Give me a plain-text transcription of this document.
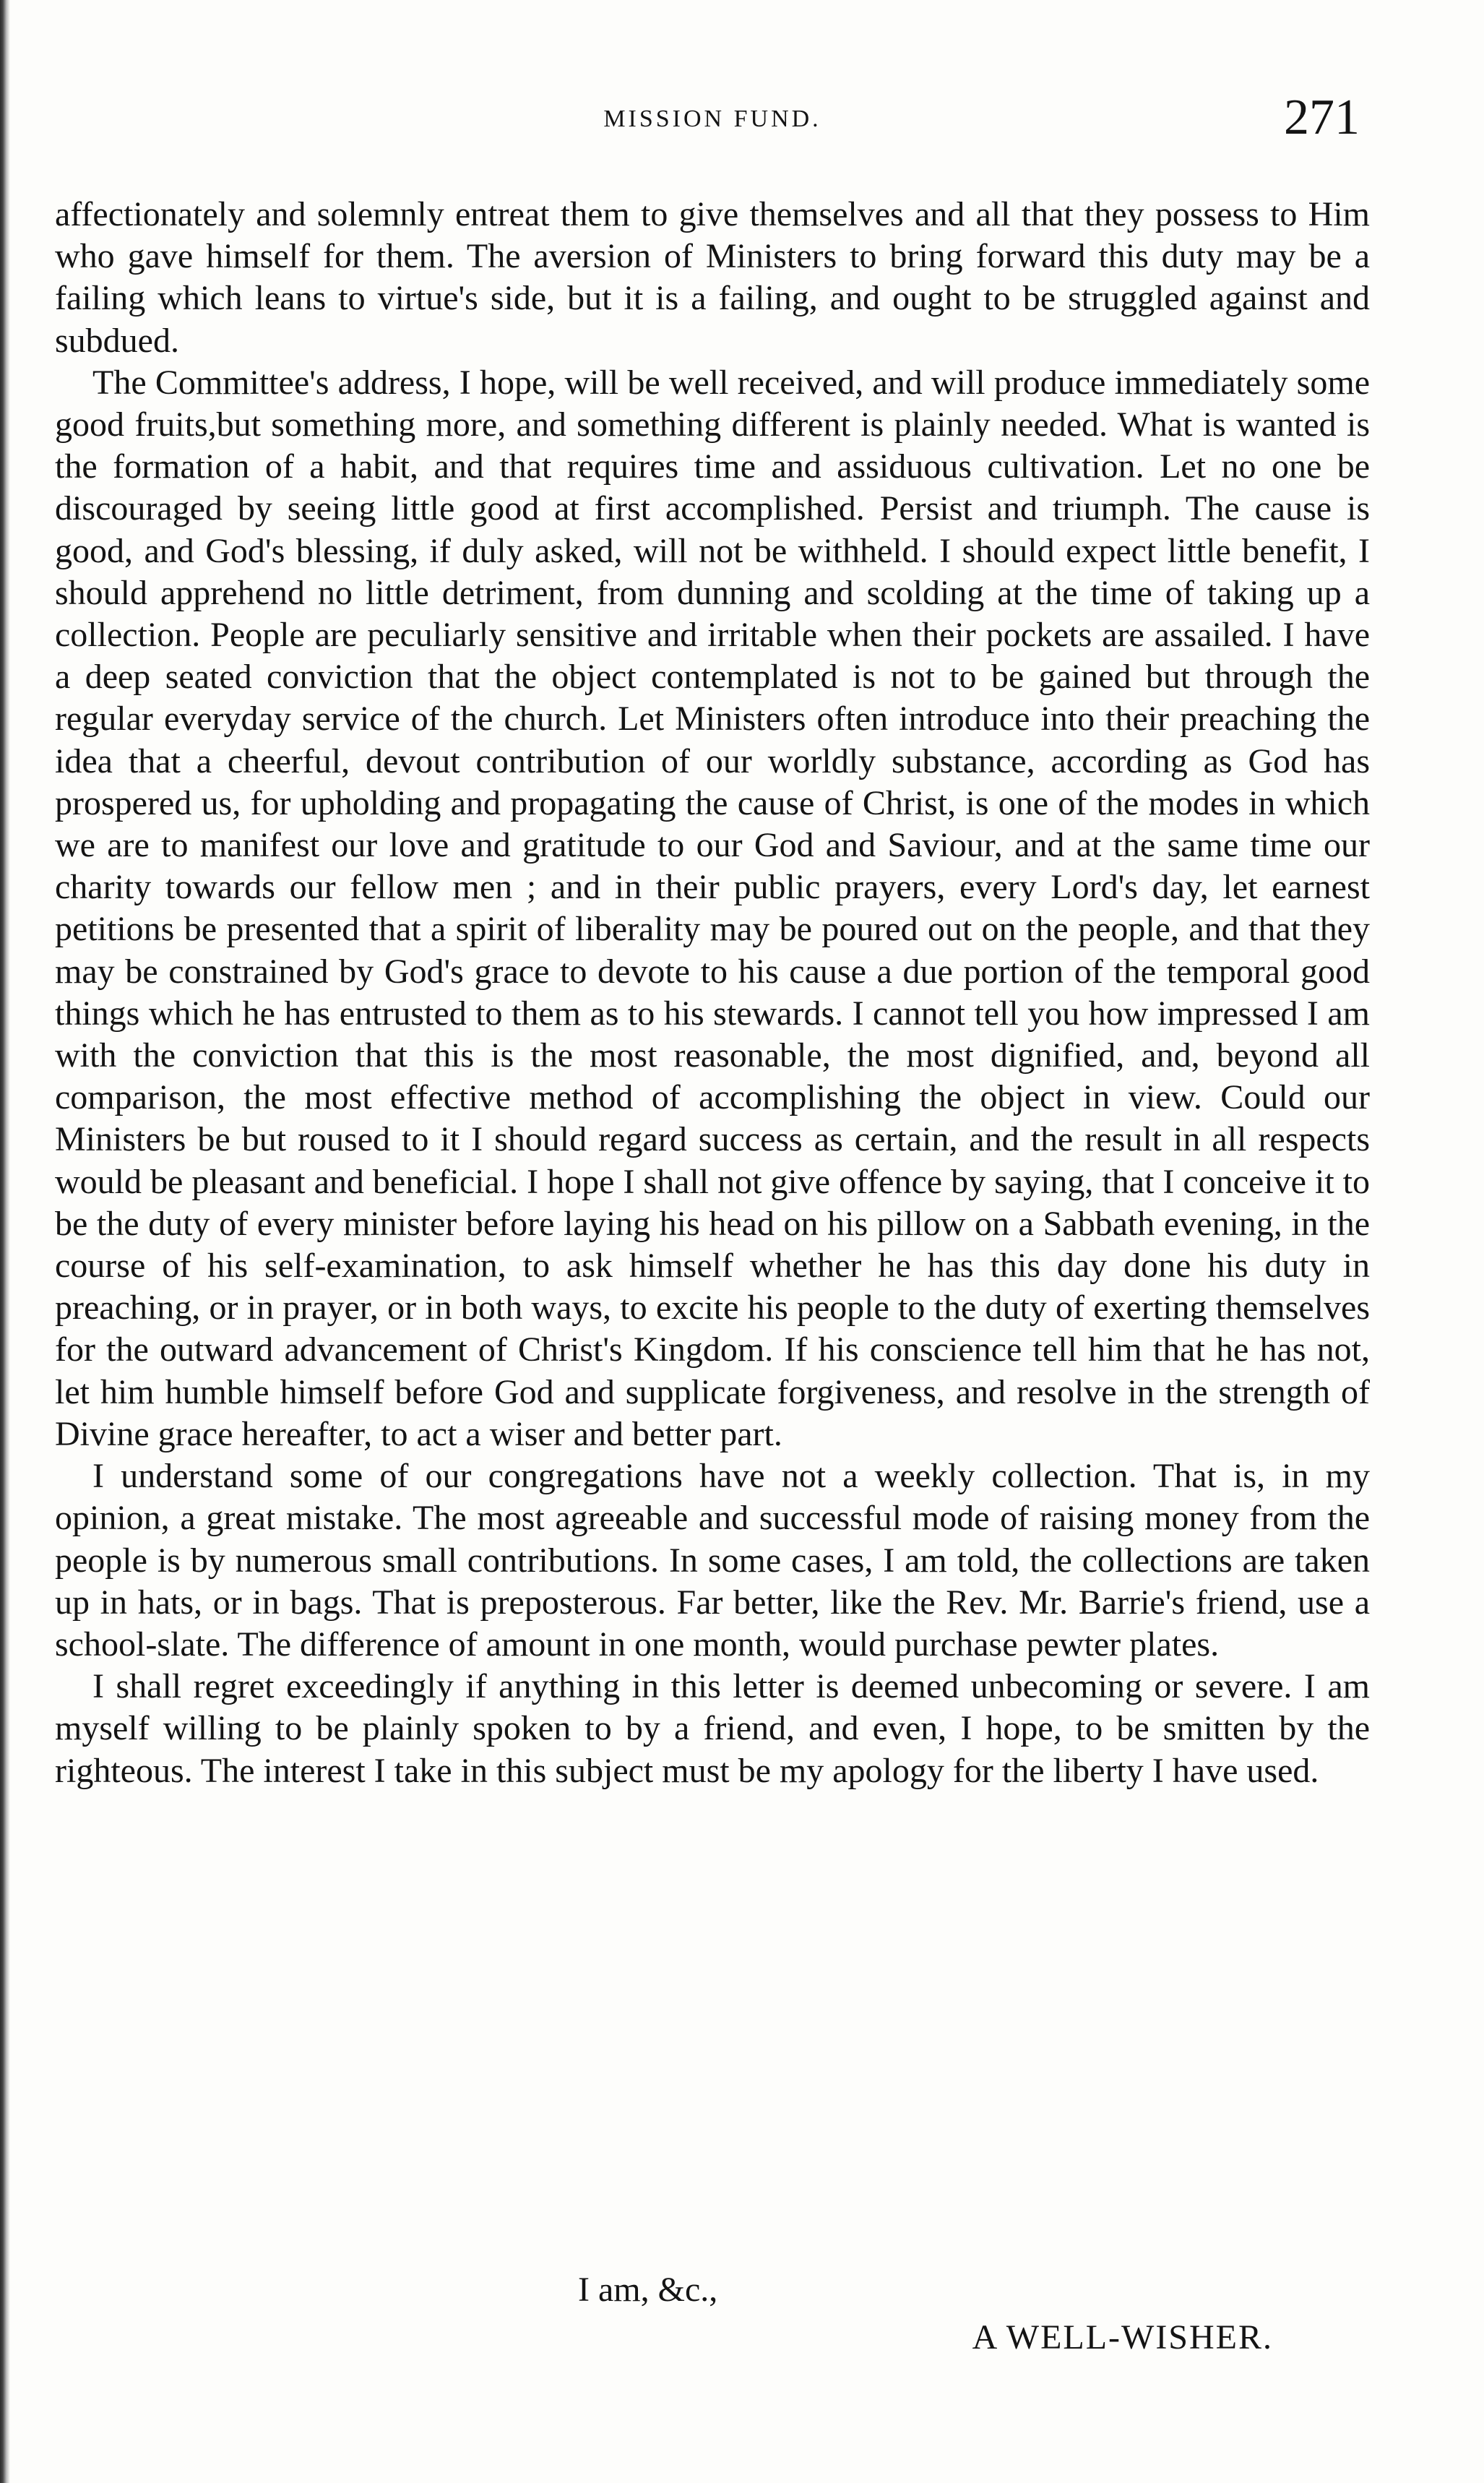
MISSION FUND.	271

affectionately and solemnly entreat them to give themselves and all that they possess to Him who gave himself for them. The aversion of Ministers to bring forward this duty may be a failing which leans to virtue's side, but it is a failing, and ought to be struggled against and subdued.

The Committee's address, I hope, will be well received, and will produce immediately some good fruits,but something more, and something different is plainly needed. What is wanted is the formation of a habit, and that requires time and assiduous cultivation. Let no one be discouraged by seeing little good at first accomplished. Persist and triumph. The cause is good, and God's blessing, if duly asked, will not be withheld. I should expect little benefit, I should apprehend no little detriment, from dunning and scolding at the time of taking up a collection. People are peculiarly sensitive and irritable when their pockets are assailed. I have a deep seated conviction that the object contemplated is not to be gained but through the regular everyday service of the church. Let Ministers often introduce into their preaching the idea that a cheerful, devout contribution of our worldly substance, according as God has prospered us, for upholding and propagating the cause of Christ, is one of the modes in which we are to manifest our love and gratitude to our God and Saviour, and at the same time our charity towards our fellow men ; and in their public prayers, every Lord's day, let earnest petitions be presented that a spirit of liberality may be poured out on the people, and that they may be constrained by God's grace to devote to his cause a due portion of the temporal good things which he has entrusted to them as to his stewards. I cannot tell you how impressed I am with the conviction that this is the most reasonable, the most dignified, and, beyond all comparison, the most effective method of accomplishing the object in view. Could our Ministers be but roused to it I should regard success as certain, and the result in all respects would be pleasant and beneficial. I hope I shall not give offence by saying, that I conceive it to be the duty of every minister before laying his head on his pillow on a Sabbath evening, in the course of his self-examination, to ask himself whether he has this day done his duty in preaching, or in prayer, or in both ways, to excite his people to the duty of exerting themselves for the outward advancement of Christ's Kingdom. If his conscience tell him that he has not, let him humble himself before God and supplicate forgiveness, and resolve in the strength of Divine grace hereafter, to act a wiser and better part.

I understand some of our congregations have not a weekly collection. That is, in my opinion, a great mistake. The most agreeable and successful mode of raising money from the people is by numerous small contributions. In some cases, I am told, the collections are taken up in hats, or in bags. That is preposterous. Far better, like the Rev. Mr. Barrie's friend, use a school-slate. The difference of amount in one month, would purchase pewter plates.

I shall regret exceedingly if anything in this letter is deemed unbecoming or severe. I am myself willing to be plainly spoken to by a friend, and even, I hope, to be smitten by the righteous. The interest I take in this subject must be my apology for the liberty I have used.

I am, &c.,
A WELL-WISHER.
